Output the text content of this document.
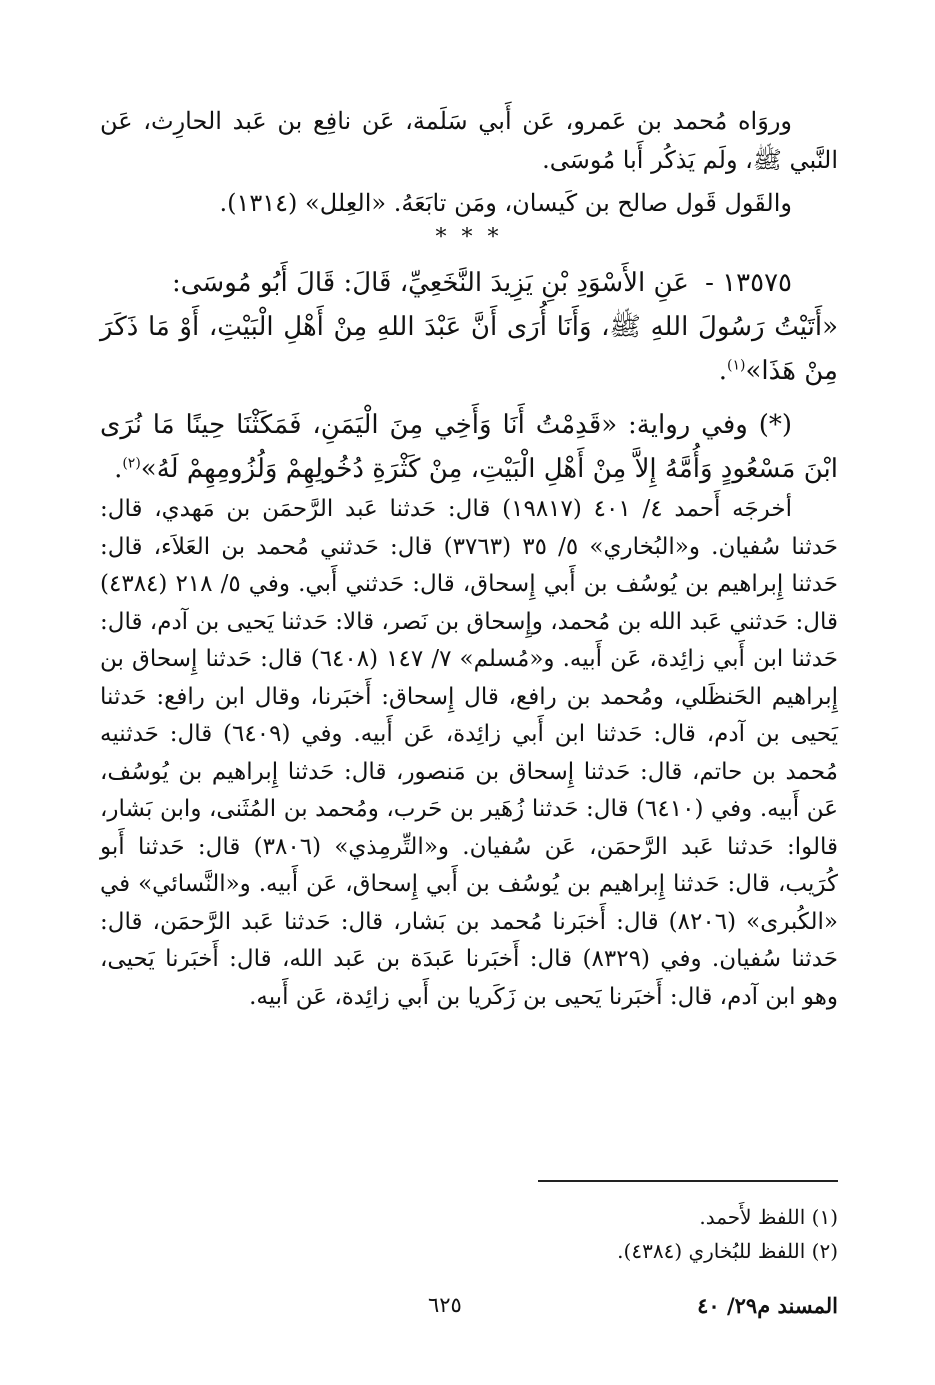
وروَاه مُحمد بن عَمرو، عَن أَبي سَلَمة، عَن نافِع بن عَبد الحارِث، عَن النَّبي ﷺ، ولَم يَذكُر أَبا مُوسَى.

والقَول قَول صالح بن كَيسان، ومَن تابَعَهُ. «العِلل» (١٣١٤).

* * *

١٣٥٧٥ - عَنِ الأَسْوَدِ بْنِ يَزِيدَ النَّخَعِيِّ، قَالَ: قَالَ أَبُو مُوسَى:

«أَتَيْتُ رَسُولَ اللهِ ﷺ، وَأَنَا أُرَى أَنَّ عَبْدَ اللهِ مِنْ أَهْلِ الْبَيْتِ، أَوْ مَا ذَكَرَ مِنْ هَذَا»$^{(١)}$.

(*) وفي رواية: «قَدِمْتُ أَنَا وَأَخِي مِنَ الْيَمَنِ، فَمَكَثْنَا حِينًا مَا نُرَى ابْنَ مَسْعُودٍ وَأُمَّهُ إِلاَّ مِنْ أَهْلِ الْبَيْتِ، مِنْ كَثْرَةِ دُخُولِهِمْ وَلُزُومِهِمْ لَهُ»$^{(٢)}$.

أخرجَه أَحمد ٤/ ٤٠١ (١٩٨١٧) قال: حَدثنا عَبد الرَّحمَن بن مَهدي، قال: حَدثنا سُفيان. و«البُخاري» ٥/ ٣٥ (٣٧٦٣) قال: حَدثني مُحمد بن العَلاَء، قال: حَدثنا إِبراهيم بن يُوسُف بن أَبي إِسحاق، قال: حَدثني أَبي. وفي ٥/ ٢١٨ (٤٣٨٤) قال: حَدثني عَبد الله بن مُحمد، وإِسحاق بن نَصر، قالا: حَدثنا يَحيى بن آدم، قال: حَدثنا ابن أَبي زائِدة، عَن أَبيه. و«مُسلم» ٧/ ١٤٧ (٦٤٠٨) قال: حَدثنا إِسحاق بن إِبراهيم الحَنظَلي، ومُحمد بن رافع، قال إِسحاق: أَخبَرنا، وقال ابن رافع: حَدثنا يَحيى بن آدم، قال: حَدثنا ابن أَبي زائِدة، عَن أَبيه. وفي (٦٤٠٩) قال: حَدثنيه مُحمد بن حاتم، قال: حَدثنا إِسحاق بن مَنصور، قال: حَدثنا إِبراهيم بن يُوسُف، عَن أَبيه. وفي (٦٤١٠) قال: حَدثنا زُهَير بن حَرب، ومُحمد بن المُثَنى، وابن بَشار، قالوا: حَدثنا عَبد الرَّحمَن، عَن سُفيان. و«التِّرمِذي» (٣٨٠٦) قال: حَدثنا أَبو كُرَيب، قال: حَدثنا إِبراهيم بن يُوسُف بن أَبي إِسحاق، عَن أَبيه. و«النَّسائي» في «الكُبرى» (٨٢٠٦) قال: أَخبَرنا مُحمد بن بَشار، قال: حَدثنا عَبد الرَّحمَن، قال: حَدثنا سُفيان. وفي (٨٣٢٩) قال: أَخبَرنا عَبدَة بن عَبد الله، قال: أَخبَرنا يَحيى، وهو ابن آدم، قال: أَخبَرنا يَحيى بن زَكَريا بن أَبي زائِدة، عَن أَبيه.

(١) اللفظ لأَحمد.
(٢) اللفظ للبُخاري (٤٣٨٤).
المسند م٢٩/ ٤٠
٦٢٥
